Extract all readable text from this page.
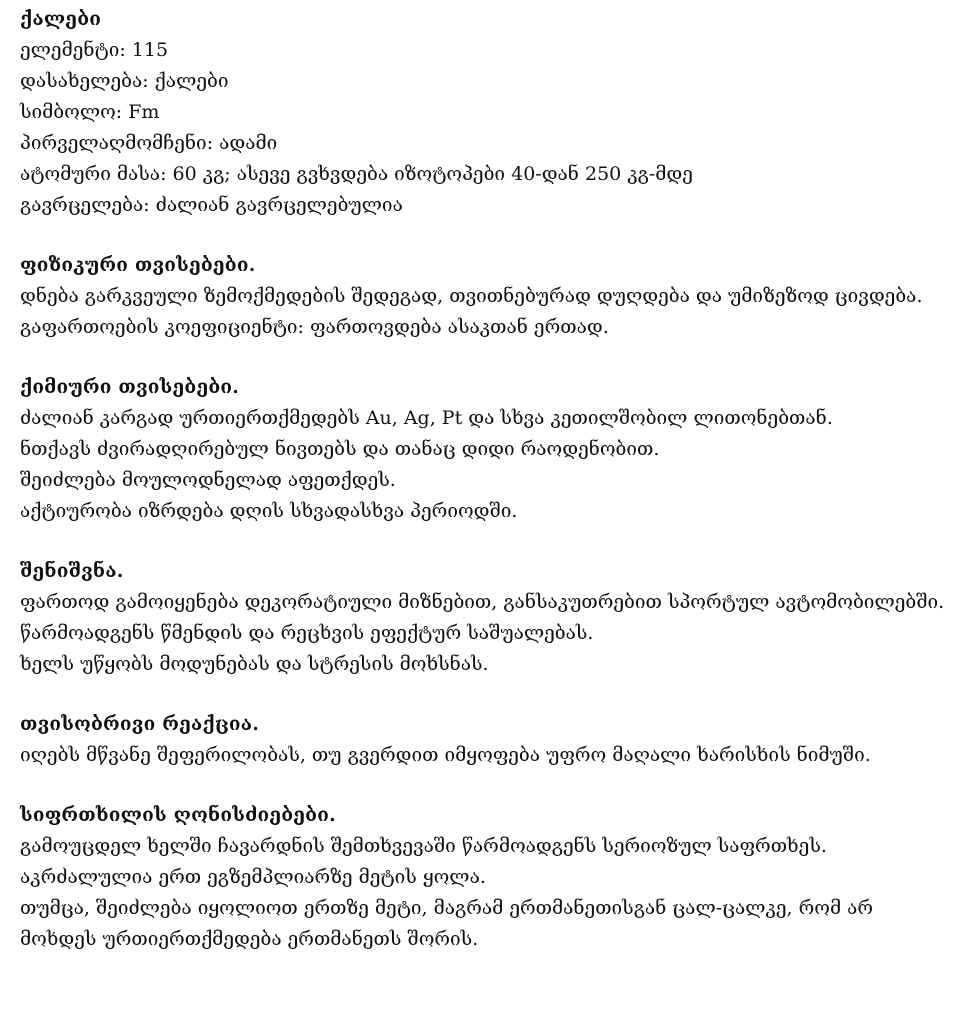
ქალები
ელემენტი: 115
დასახელება: ქალები
სიმბოლო: Fm
პირველაღმომჩენი: ადამი
ატომური მასა: 60 კგ; ასევე გვხვდება იზოტოპები 40-დან 250 კგ-მდე
გავრცელება: ძალიან გავრცელებულია
ფიზიკური თვისებები.
დნება გარკვეული ზემოქმედების შედეგად, თვითნებურად დუღდება და უმიზეზოდ ცივდება.
გაფართოების კოეფიციენტი: ფართოვდება ასაკთან ერთად.
ქიმიური თვისებები.
ძალიან კარგად ურთიერთქმედებს Au, Ag, Pt და სხვა კეთილშობილ ლითონებთან.
ნთქავს ძვირადღირებულ ნივთებს და თანაც დიდი რაოდენობით.
შეიძლება მოულოდნელად აფეთქდეს.
აქტიურობა იზრდება დღის სხვადასხვა პერიოდში.
შენიშვნა.
ფართოდ გამოიყენება დეკორატიული მიზნებით, განსაკუთრებით სპორტულ ავტომობილებში.
წარმოადგენს წმენდის და რეცხვის ეფექტურ საშუალებას.
ხელს უწყობს მოდუნებას და სტრესის მოხსნას.
თვისობრივი რეაქცია.
იღებს მწვანე შეფერილობას, თუ გვერდით იმყოფება უფრო მაღალი ხარისხის ნიმუში.
სიფრთხილის ღონისძიებები.
გამოუცდელ ხელში ჩავარდნის შემთხვევაში წარმოადგენს სერიოზულ საფრთხეს.
აკრძალულია ერთ ეგზემპლიარზე მეტის ყოლა.
თუმცა, შეიძლება იყოლიოთ ერთზე მეტი, მაგრამ ერთმანეთისგან ცალ-ცალკე, რომ არ მოხდეს ურთიერთქმედება ერთმანეთს შორის.
